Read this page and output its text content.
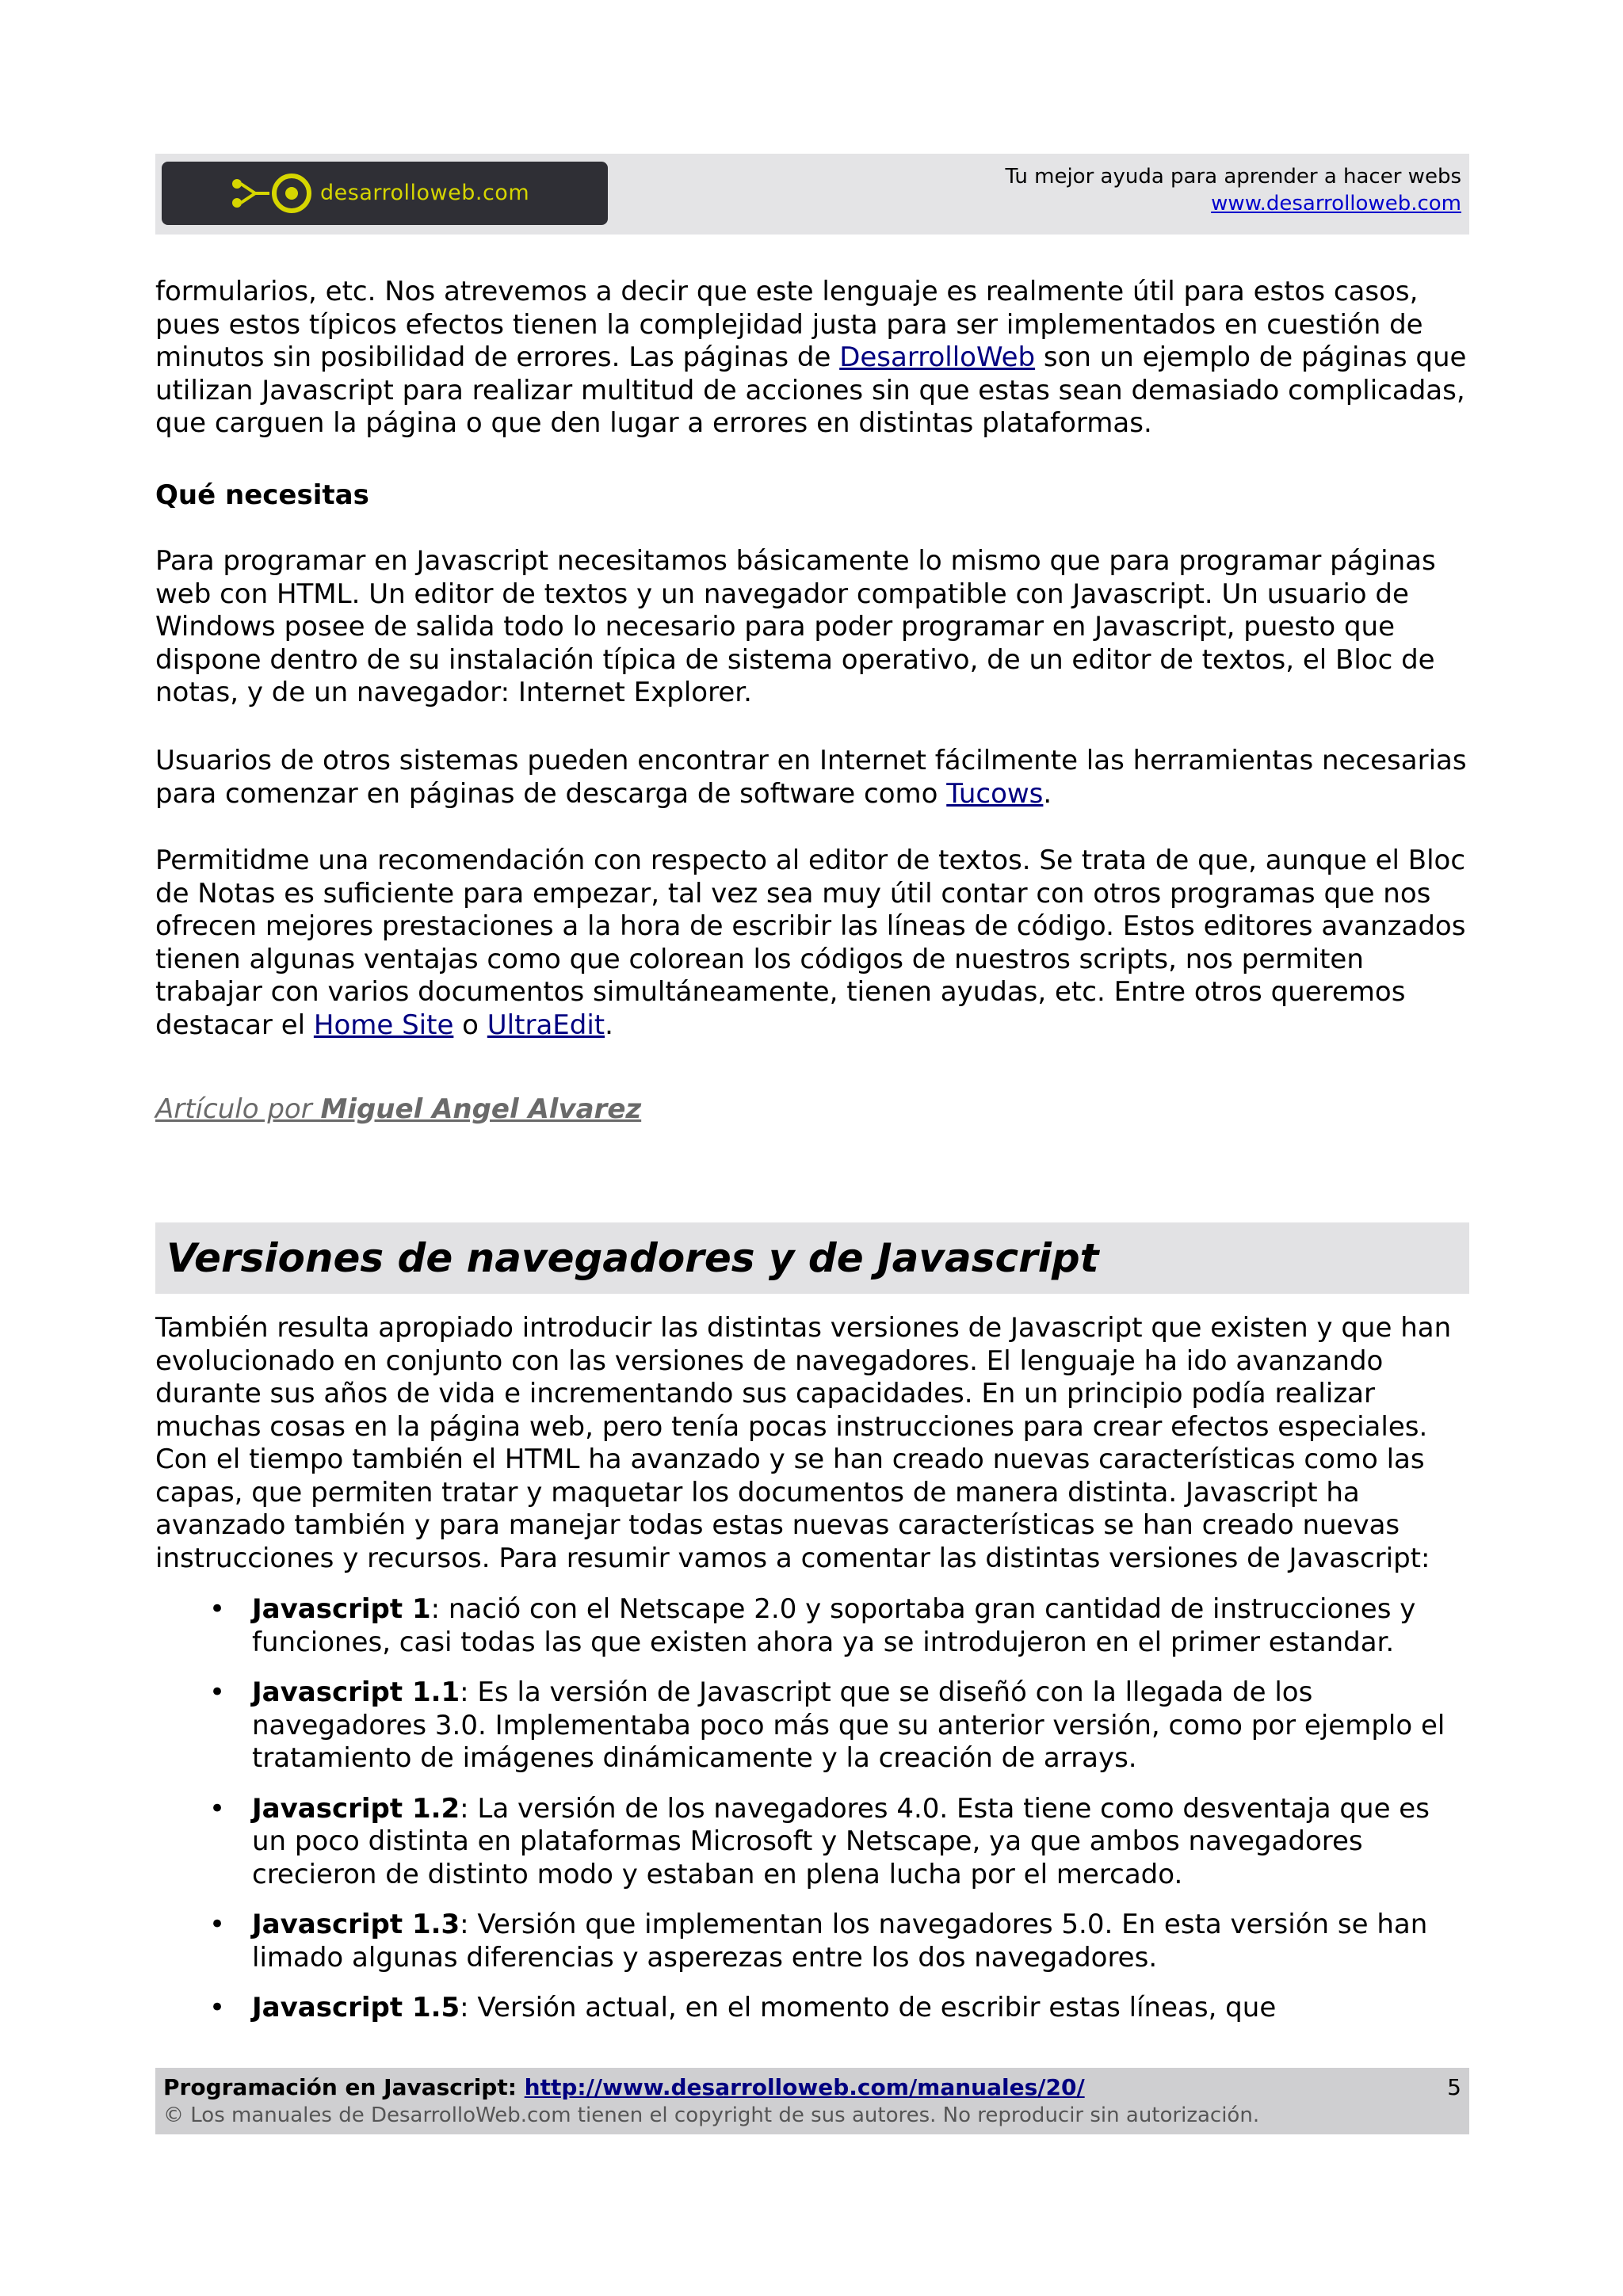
desarrolloweb.com
Tu mejor ayuda para aprender a hacer webs
www.desarrolloweb.com

formularios, etc. Nos atrevemos a decir que este lenguaje es realmente útil para estos casos, pues estos típicos efectos tienen la complejidad justa para ser implementados en cuestión de minutos sin posibilidad de errores. Las páginas de DesarrolloWeb son un ejemplo de páginas que utilizan Javascript para realizar multitud de acciones sin que estas sean demasiado complicadas, que carguen la página o que den lugar a errores en distintas plataformas.

Qué necesitas

Para programar en Javascript necesitamos básicamente lo mismo que para programar páginas web con HTML. Un editor de textos y un navegador compatible con Javascript. Un usuario de Windows posee de salida todo lo necesario para poder programar en Javascript, puesto que dispone dentro de su instalación típica de sistema operativo, de un editor de textos, el Bloc de notas, y de un navegador: Internet Explorer.

Usuarios de otros sistemas pueden encontrar en Internet fácilmente las herramientas necesarias para comenzar en páginas de descarga de software como Tucows.

Permitidme una recomendación con respecto al editor de textos. Se trata de que, aunque el Bloc de Notas es suficiente para empezar, tal vez sea muy útil contar con otros programas que nos ofrecen mejores prestaciones a la hora de escribir las líneas de código. Estos editores avanzados tienen algunas ventajas como que colorean los códigos de nuestros scripts, nos permiten trabajar con varios documentos simultáneamente, tienen ayudas, etc. Entre otros queremos destacar el Home Site o UltraEdit.

Artículo por Miguel Angel Alvarez
Versiones de navegadores y de Javascript

También resulta apropiado introducir las distintas versiones de Javascript que existen y que han evolucionado en conjunto con las versiones de navegadores. El lenguaje ha ido avanzando durante sus años de vida e incrementando sus capacidades. En un principio podía realizar muchas cosas en la página web, pero tenía pocas instrucciones para crear efectos especiales. Con el tiempo también el HTML ha avanzado y se han creado nuevas características como las capas, que permiten tratar y maquetar los documentos de manera distinta. Javascript ha avanzado también y para manejar todas estas nuevas características se han creado nuevas instrucciones y recursos. Para resumir vamos a comentar las distintas versiones de Javascript:

• Javascript 1: nació con el Netscape 2.0 y soportaba gran cantidad de instrucciones y funciones, casi todas las que existen ahora ya se introdujeron en el primer estandar.
• Javascript 1.1: Es la versión de Javascript que se diseñó con la llegada de los navegadores 3.0. Implementaba poco más que su anterior versión, como por ejemplo el tratamiento de imágenes dinámicamente y la creación de arrays.
• Javascript 1.2: La versión de los navegadores 4.0. Esta tiene como desventaja que es un poco distinta en plataformas Microsoft y Netscape, ya que ambos navegadores crecieron de distinto modo y estaban en plena lucha por el mercado.
• Javascript 1.3: Versión que implementan los navegadores 5.0. En esta versión se han limado algunas diferencias y asperezas entre los dos navegadores.
• Javascript 1.5: Versión actual, en el momento de escribir estas líneas, que
Programación en Javascript: http://www.desarrolloweb.com/manuales/20/
© Los manuales de DesarrolloWeb.com tienen el copyright de sus autores. No reproducir sin autorización.
5
